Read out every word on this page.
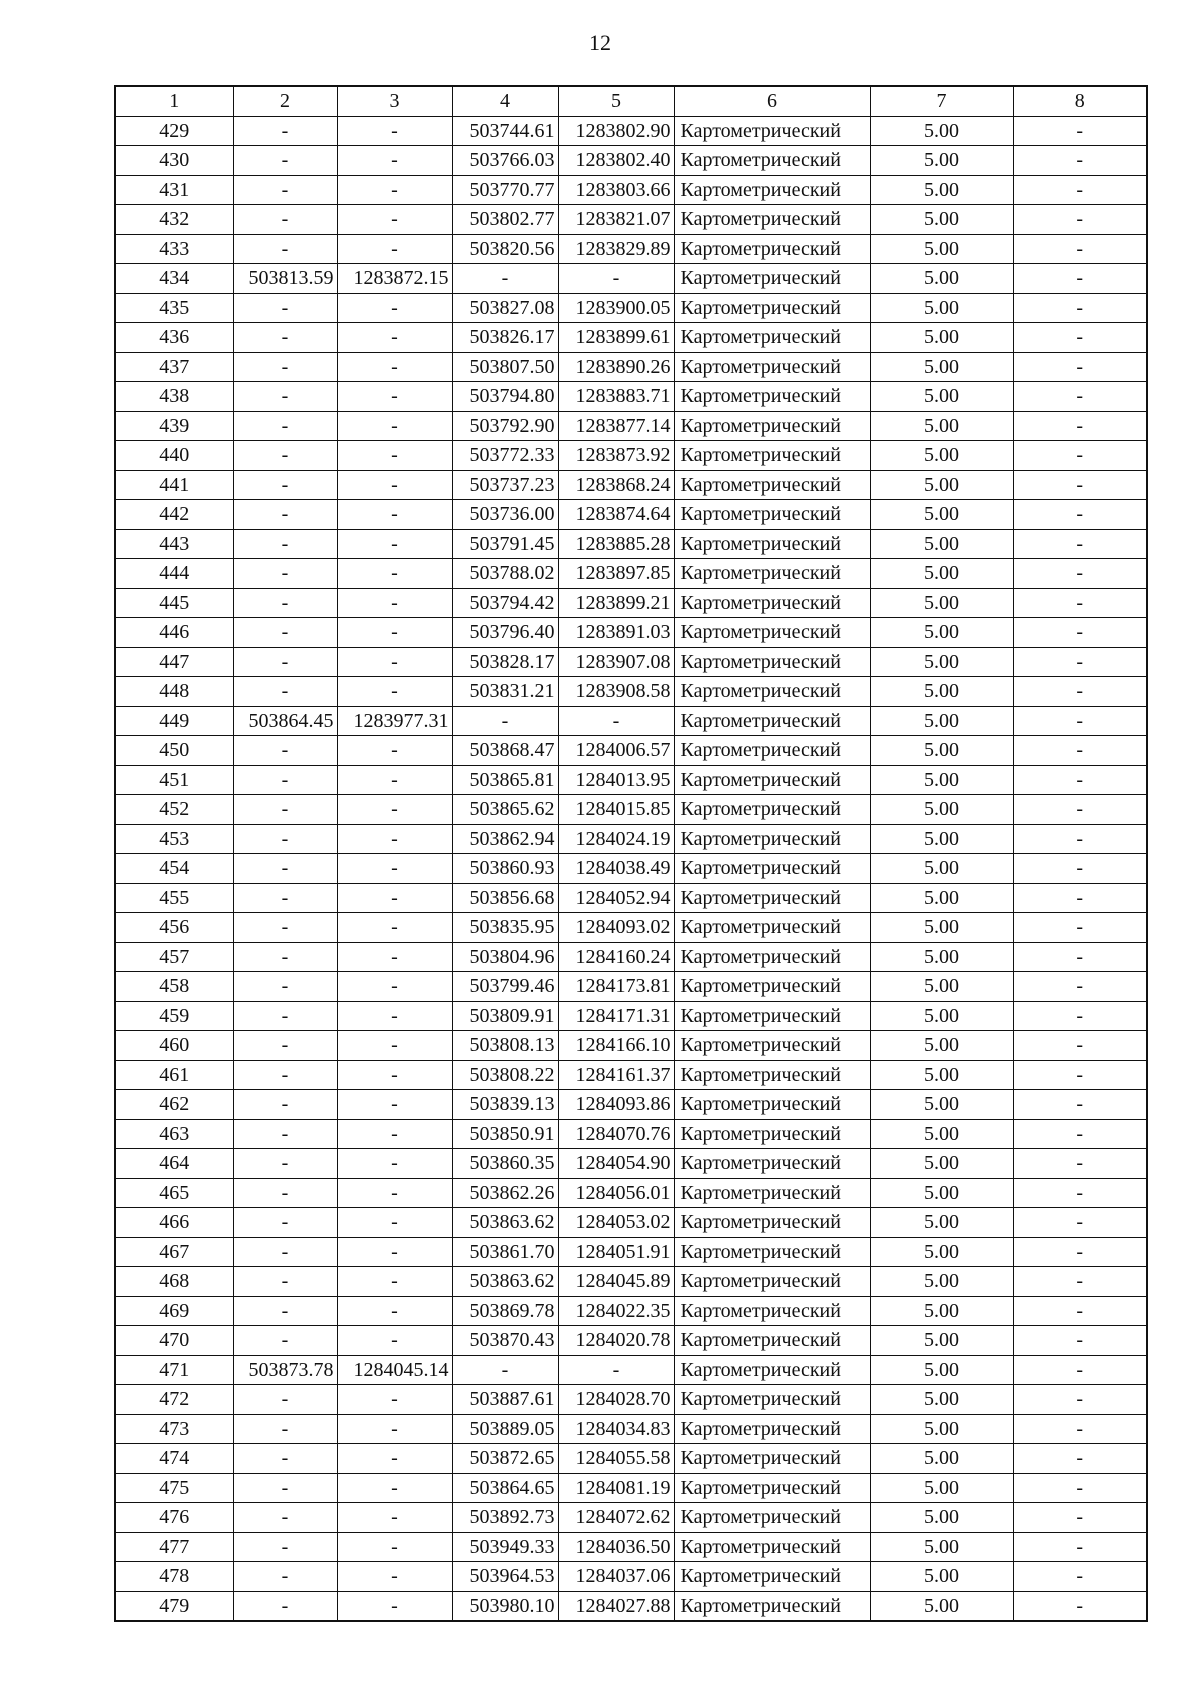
12
1	2	3	4	5	6	7	8
429	-	-	503744.61	1283802.90	Картометрический	5.00	-
430	-	-	503766.03	1283802.40	Картометрический	5.00	-
431	-	-	503770.77	1283803.66	Картометрический	5.00	-
432	-	-	503802.77	1283821.07	Картометрический	5.00	-
433	-	-	503820.56	1283829.89	Картометрический	5.00	-
434	503813.59	1283872.15	-	-	Картометрический	5.00	-
435	-	-	503827.08	1283900.05	Картометрический	5.00	-
436	-	-	503826.17	1283899.61	Картометрический	5.00	-
437	-	-	503807.50	1283890.26	Картометрический	5.00	-
438	-	-	503794.80	1283883.71	Картометрический	5.00	-
439	-	-	503792.90	1283877.14	Картометрический	5.00	-
440	-	-	503772.33	1283873.92	Картометрический	5.00	-
441	-	-	503737.23	1283868.24	Картометрический	5.00	-
442	-	-	503736.00	1283874.64	Картометрический	5.00	-
443	-	-	503791.45	1283885.28	Картометрический	5.00	-
444	-	-	503788.02	1283897.85	Картометрический	5.00	-
445	-	-	503794.42	1283899.21	Картометрический	5.00	-
446	-	-	503796.40	1283891.03	Картометрический	5.00	-
447	-	-	503828.17	1283907.08	Картометрический	5.00	-
448	-	-	503831.21	1283908.58	Картометрический	5.00	-
449	503864.45	1283977.31	-	-	Картометрический	5.00	-
450	-	-	503868.47	1284006.57	Картометрический	5.00	-
451	-	-	503865.81	1284013.95	Картометрический	5.00	-
452	-	-	503865.62	1284015.85	Картометрический	5.00	-
453	-	-	503862.94	1284024.19	Картометрический	5.00	-
454	-	-	503860.93	1284038.49	Картометрический	5.00	-
455	-	-	503856.68	1284052.94	Картометрический	5.00	-
456	-	-	503835.95	1284093.02	Картометрический	5.00	-
457	-	-	503804.96	1284160.24	Картометрический	5.00	-
458	-	-	503799.46	1284173.81	Картометрический	5.00	-
459	-	-	503809.91	1284171.31	Картометрический	5.00	-
460	-	-	503808.13	1284166.10	Картометрический	5.00	-
461	-	-	503808.22	1284161.37	Картометрический	5.00	-
462	-	-	503839.13	1284093.86	Картометрический	5.00	-
463	-	-	503850.91	1284070.76	Картометрический	5.00	-
464	-	-	503860.35	1284054.90	Картометрический	5.00	-
465	-	-	503862.26	1284056.01	Картометрический	5.00	-
466	-	-	503863.62	1284053.02	Картометрический	5.00	-
467	-	-	503861.70	1284051.91	Картометрический	5.00	-
468	-	-	503863.62	1284045.89	Картометрический	5.00	-
469	-	-	503869.78	1284022.35	Картометрический	5.00	-
470	-	-	503870.43	1284020.78	Картометрический	5.00	-
471	503873.78	1284045.14	-	-	Картометрический	5.00	-
472	-	-	503887.61	1284028.70	Картометрический	5.00	-
473	-	-	503889.05	1284034.83	Картометрический	5.00	-
474	-	-	503872.65	1284055.58	Картометрический	5.00	-
475	-	-	503864.65	1284081.19	Картометрический	5.00	-
476	-	-	503892.73	1284072.62	Картометрический	5.00	-
477	-	-	503949.33	1284036.50	Картометрический	5.00	-
478	-	-	503964.53	1284037.06	Картометрический	5.00	-
479	-	-	503980.10	1284027.88	Картометрический	5.00	-
